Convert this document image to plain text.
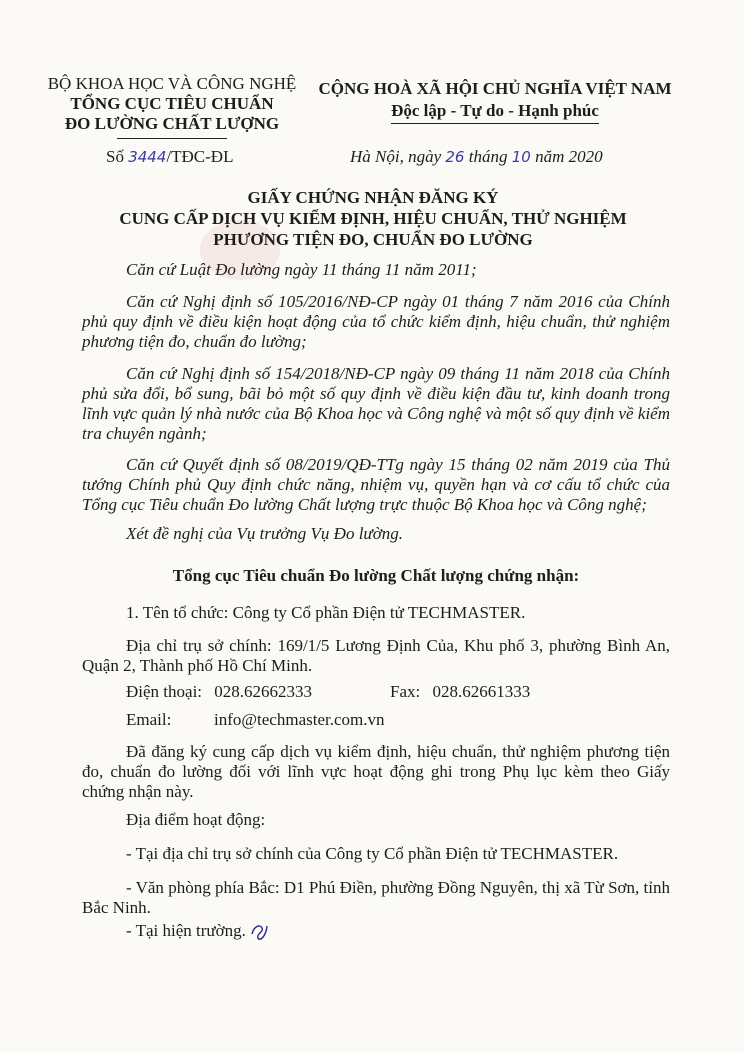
BỘ KHOA HỌC VÀ CÔNG NGHỆ
TỔNG CỤC TIÊU CHUẨN
ĐO LƯỜNG CHẤT LƯỢNG
CỘNG HOÀ XÃ HỘI CHỦ NGHĨA VIỆT NAM
Độc lập - Tự do - Hạnh phúc
Số 3444/TĐC-ĐL	Hà Nội, ngày 26 tháng 10 năm 2020
GIẤY CHỨNG NHẬN ĐĂNG KÝ
CUNG CẤP DỊCH VỤ KIỂM ĐỊNH, HIỆU CHUẨN, THỬ NGHIỆM
PHƯƠNG TIỆN ĐO, CHUẨN ĐO LƯỜNG
Căn cứ Luật Đo lường ngày 11 tháng 11 năm 2011;
Căn cứ Nghị định số 105/2016/NĐ-CP ngày 01 tháng 7 năm 2016 của Chính phủ quy định về điều kiện hoạt động của tổ chức kiểm định, hiệu chuẩn, thử nghiệm phương tiện đo, chuẩn đo lường;
Căn cứ Nghị định số 154/2018/NĐ-CP ngày 09 tháng 11 năm 2018 của Chính phủ sửa đổi, bổ sung, bãi bỏ một số quy định về điều kiện đầu tư, kinh doanh trong lĩnh vực quản lý nhà nước của Bộ Khoa học và Công nghệ và một số quy định về kiểm tra chuyên ngành;
Căn cứ Quyết định số 08/2019/QĐ-TTg ngày 15 tháng 02 năm 2019 của Thủ tướng Chính phủ Quy định chức năng, nhiệm vụ, quyền hạn và cơ cấu tổ chức của Tổng cục Tiêu chuẩn Đo lường Chất lượng trực thuộc Bộ Khoa học và Công nghệ;
Xét đề nghị của Vụ trưởng Vụ Đo lường.
Tổng cục Tiêu chuẩn Đo lường Chất lượng chứng nhận:
1. Tên tổ chức: Công ty Cổ phần Điện tử TECHMASTER.
Địa chỉ trụ sở chính: 169/1/5 Lương Định Của, Khu phố 3, phường Bình An, Quận 2, Thành phố Hồ Chí Minh.
Điện thoại: 028.62662333	Fax: 028.62661333
Email:	info@techmaster.com.vn
Đã đăng ký cung cấp dịch vụ kiểm định, hiệu chuẩn, thử nghiệm phương tiện đo, chuẩn đo lường đối với lĩnh vực hoạt động ghi trong Phụ lục kèm theo Giấy chứng nhận này.
Địa điểm hoạt động:
- Tại địa chỉ trụ sở chính của Công ty Cổ phần Điện tử TECHMASTER.
- Văn phòng phía Bắc: D1 Phú Điền, phường Đồng Nguyên, thị xã Từ Sơn, tỉnh Bắc Ninh.
- Tại hiện trường.
